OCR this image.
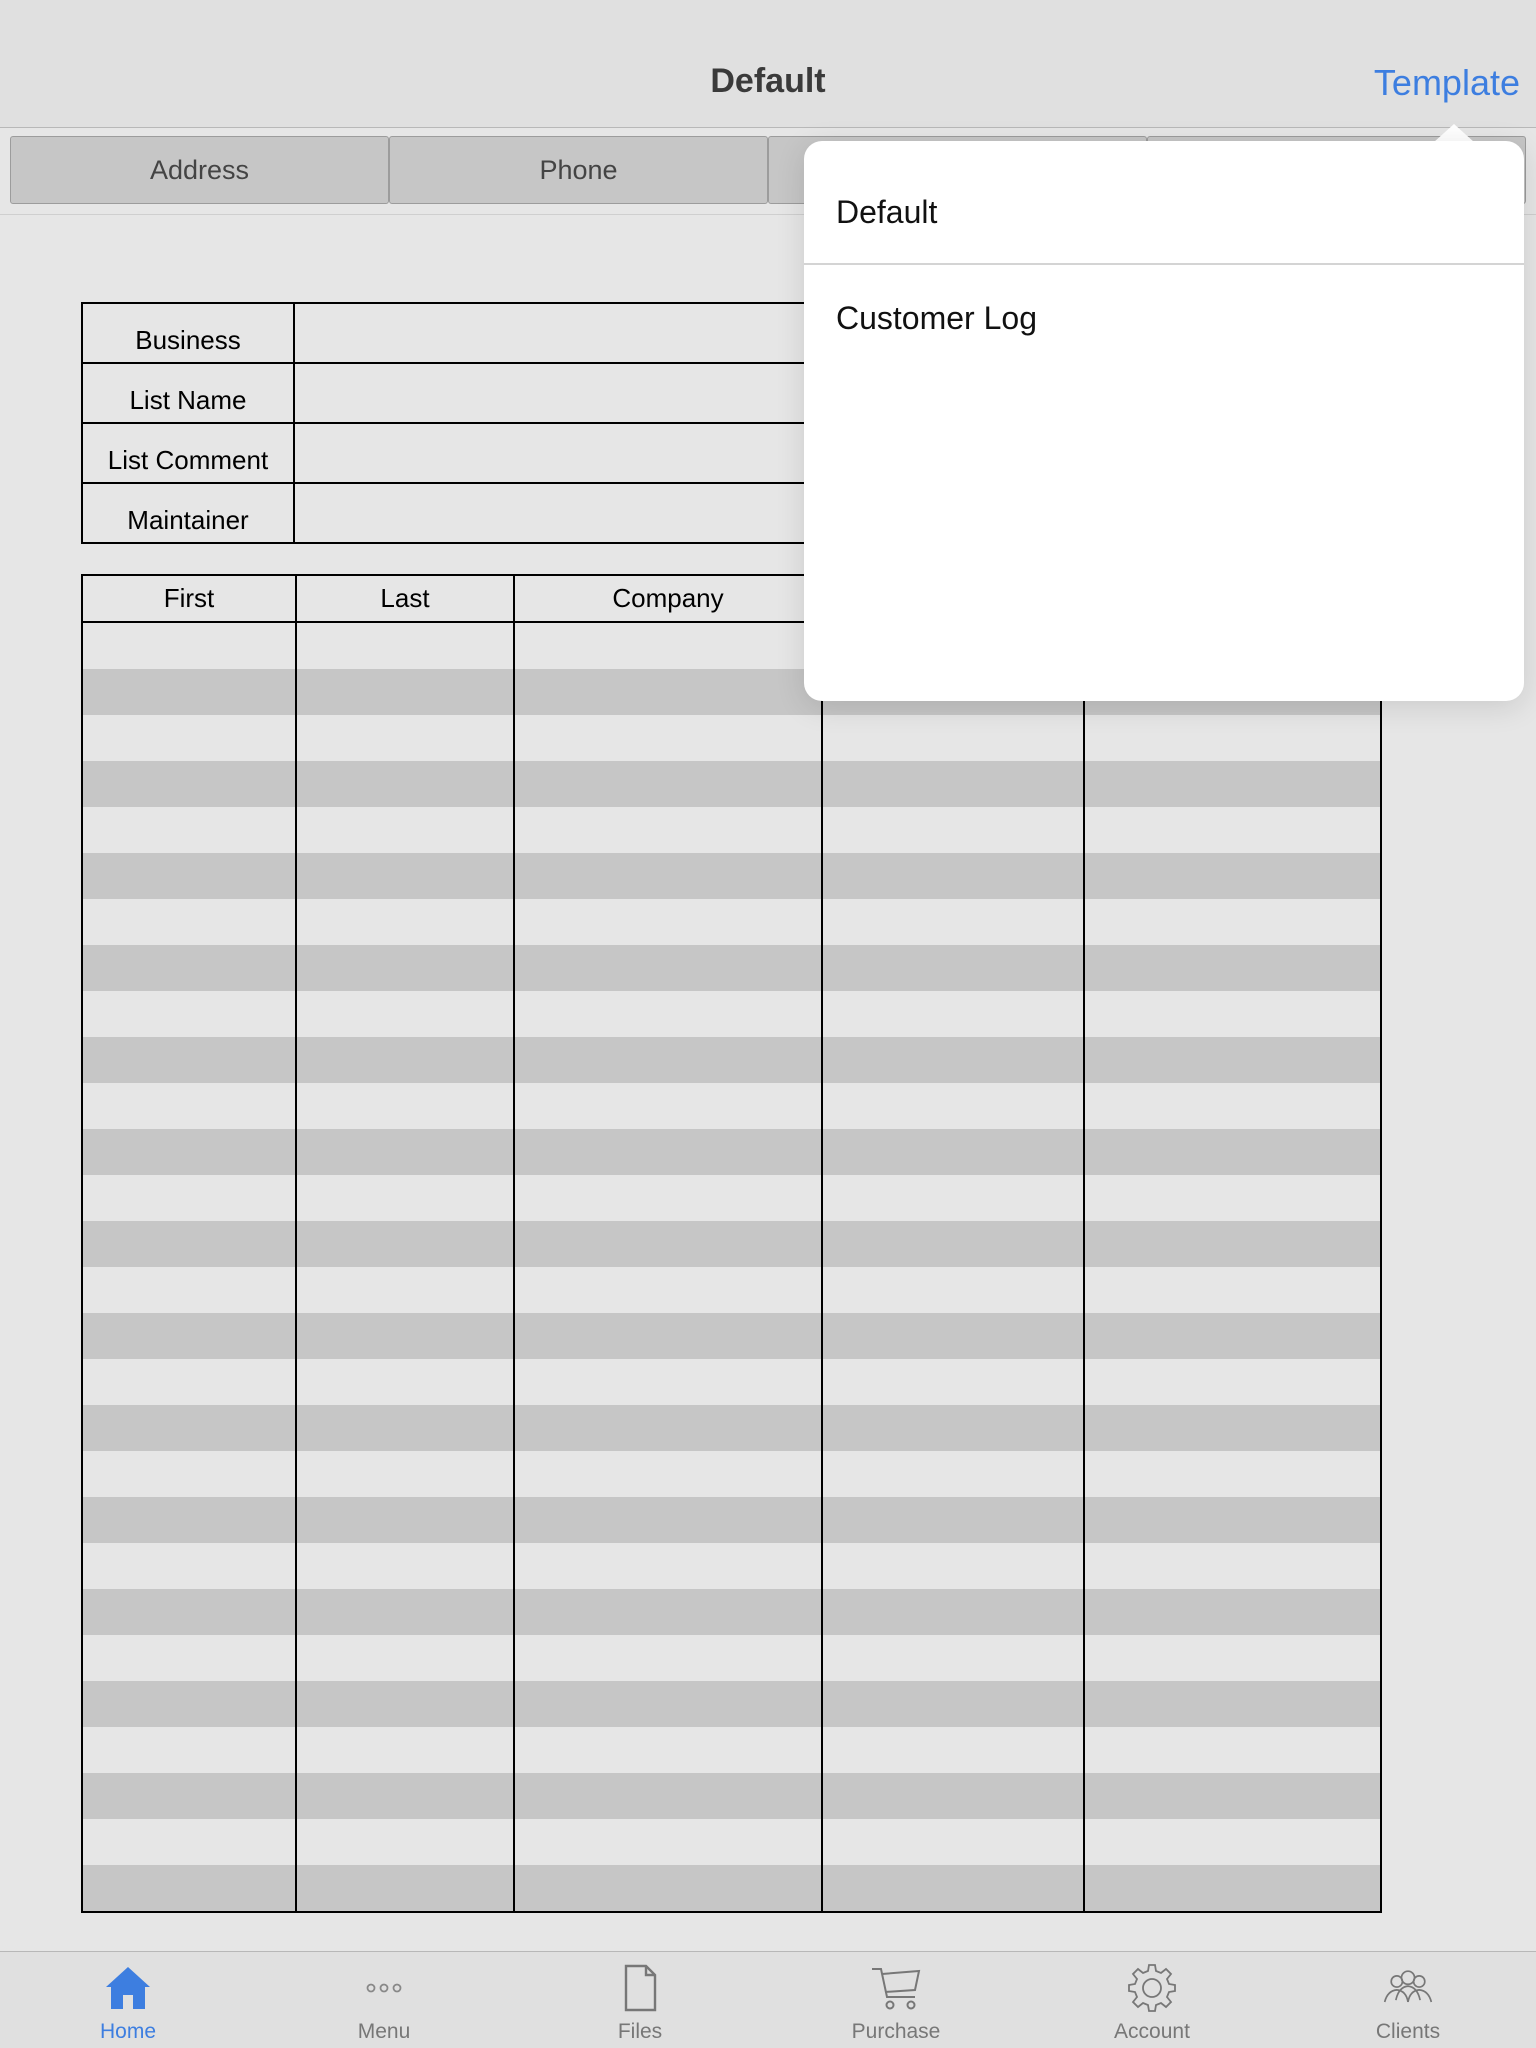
Default	Template
Address	Phone
Business	
List Name	
List Comment	
Maintainer	
First	Last	Company		

Default
Customer Log
Home	Menu	Files	Purchase	Account	Clients
